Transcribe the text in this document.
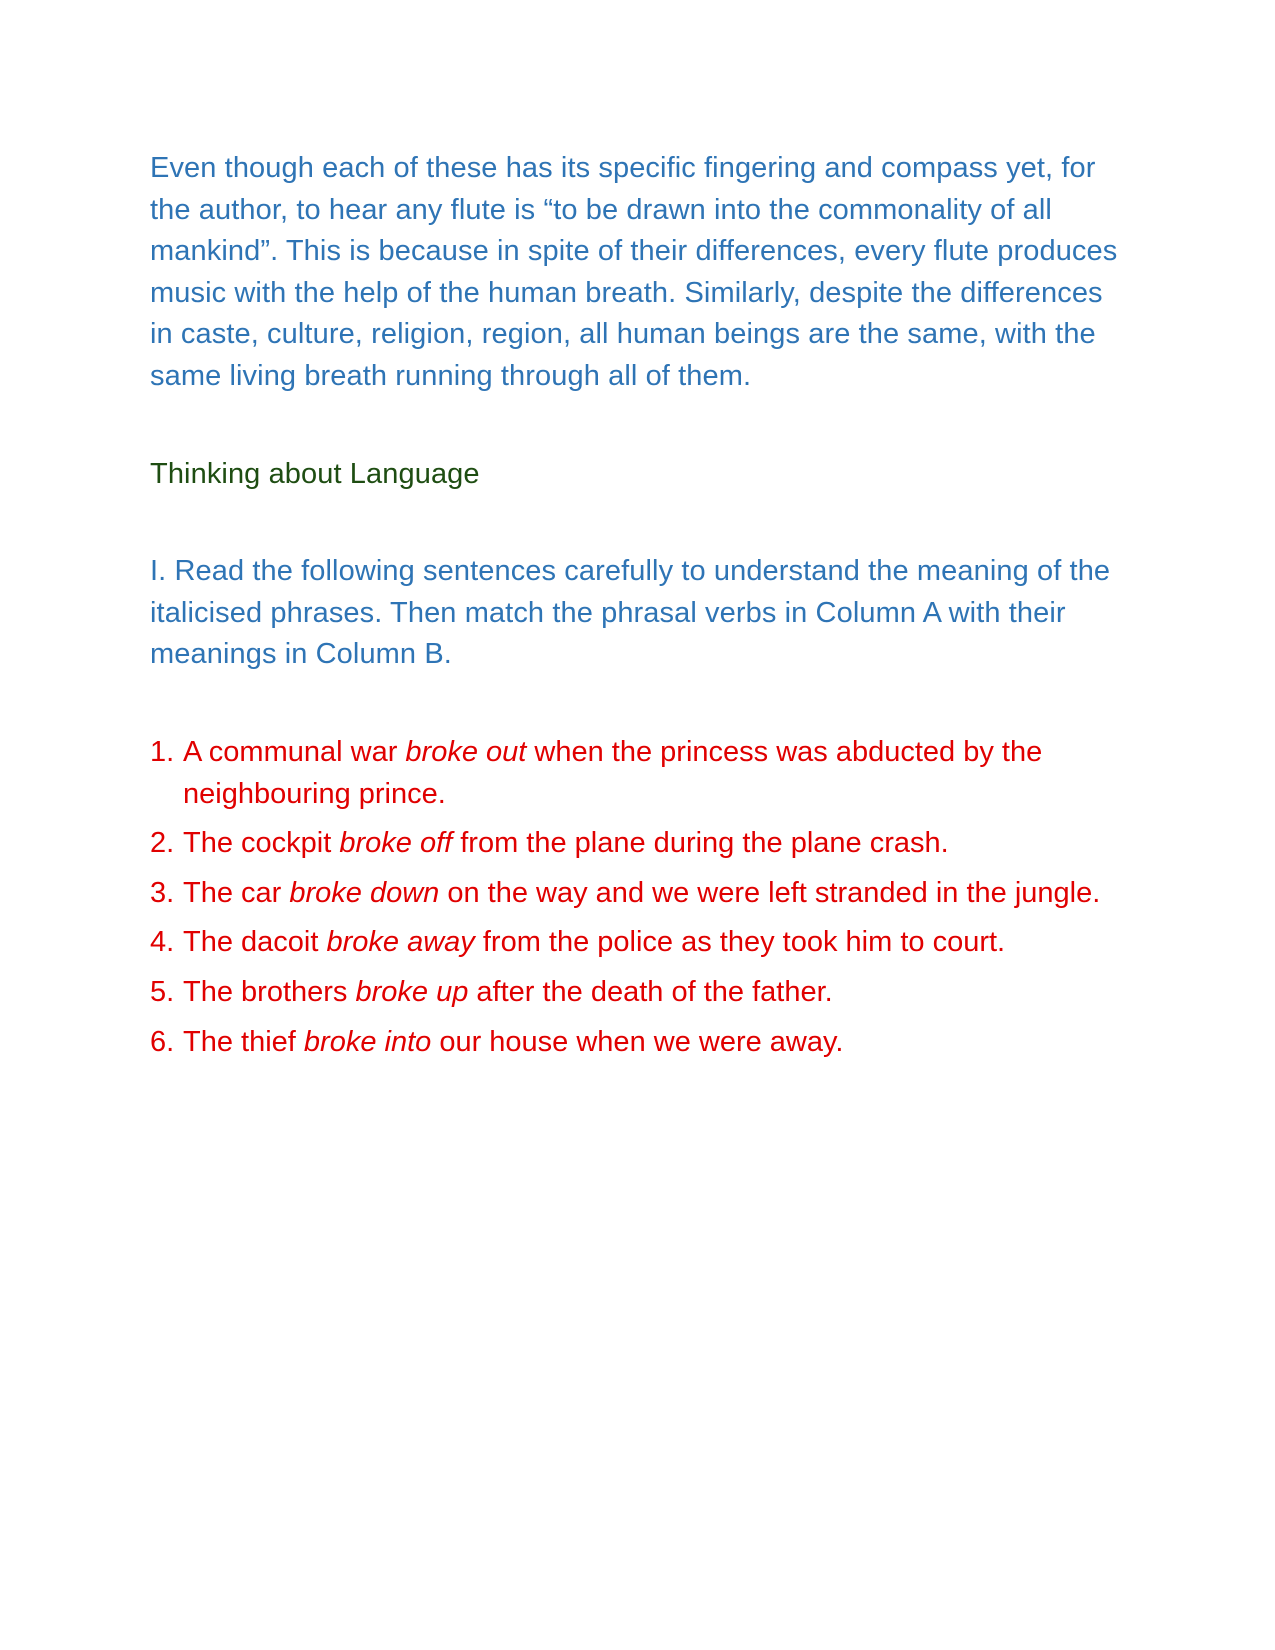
Even though each of these has its specific fingering and compass yet, for the author, to hear any flute is “to be drawn into the commonality of all mankind”. This is because in spite of their differences, every flute produces music with the help of the human breath. Similarly, despite the differences in caste, culture, religion, region, all human beings are the same, with the same living breath running through all of them.

Thinking about Language

I. Read the following sentences carefully to understand the meaning of the italicised phrases. Then match the phrasal verbs in Column A with their meanings in Column B.

1. A communal war broke out when the princess was abducted by the neighbouring prince.
2. The cockpit broke off from the plane during the plane crash.
3. The car broke down on the way and we were left stranded in the jungle.
4. The dacoit broke away from the police as they took him to court.
5. The brothers broke up after the death of the father.
6. The thief broke into our house when we were away.
